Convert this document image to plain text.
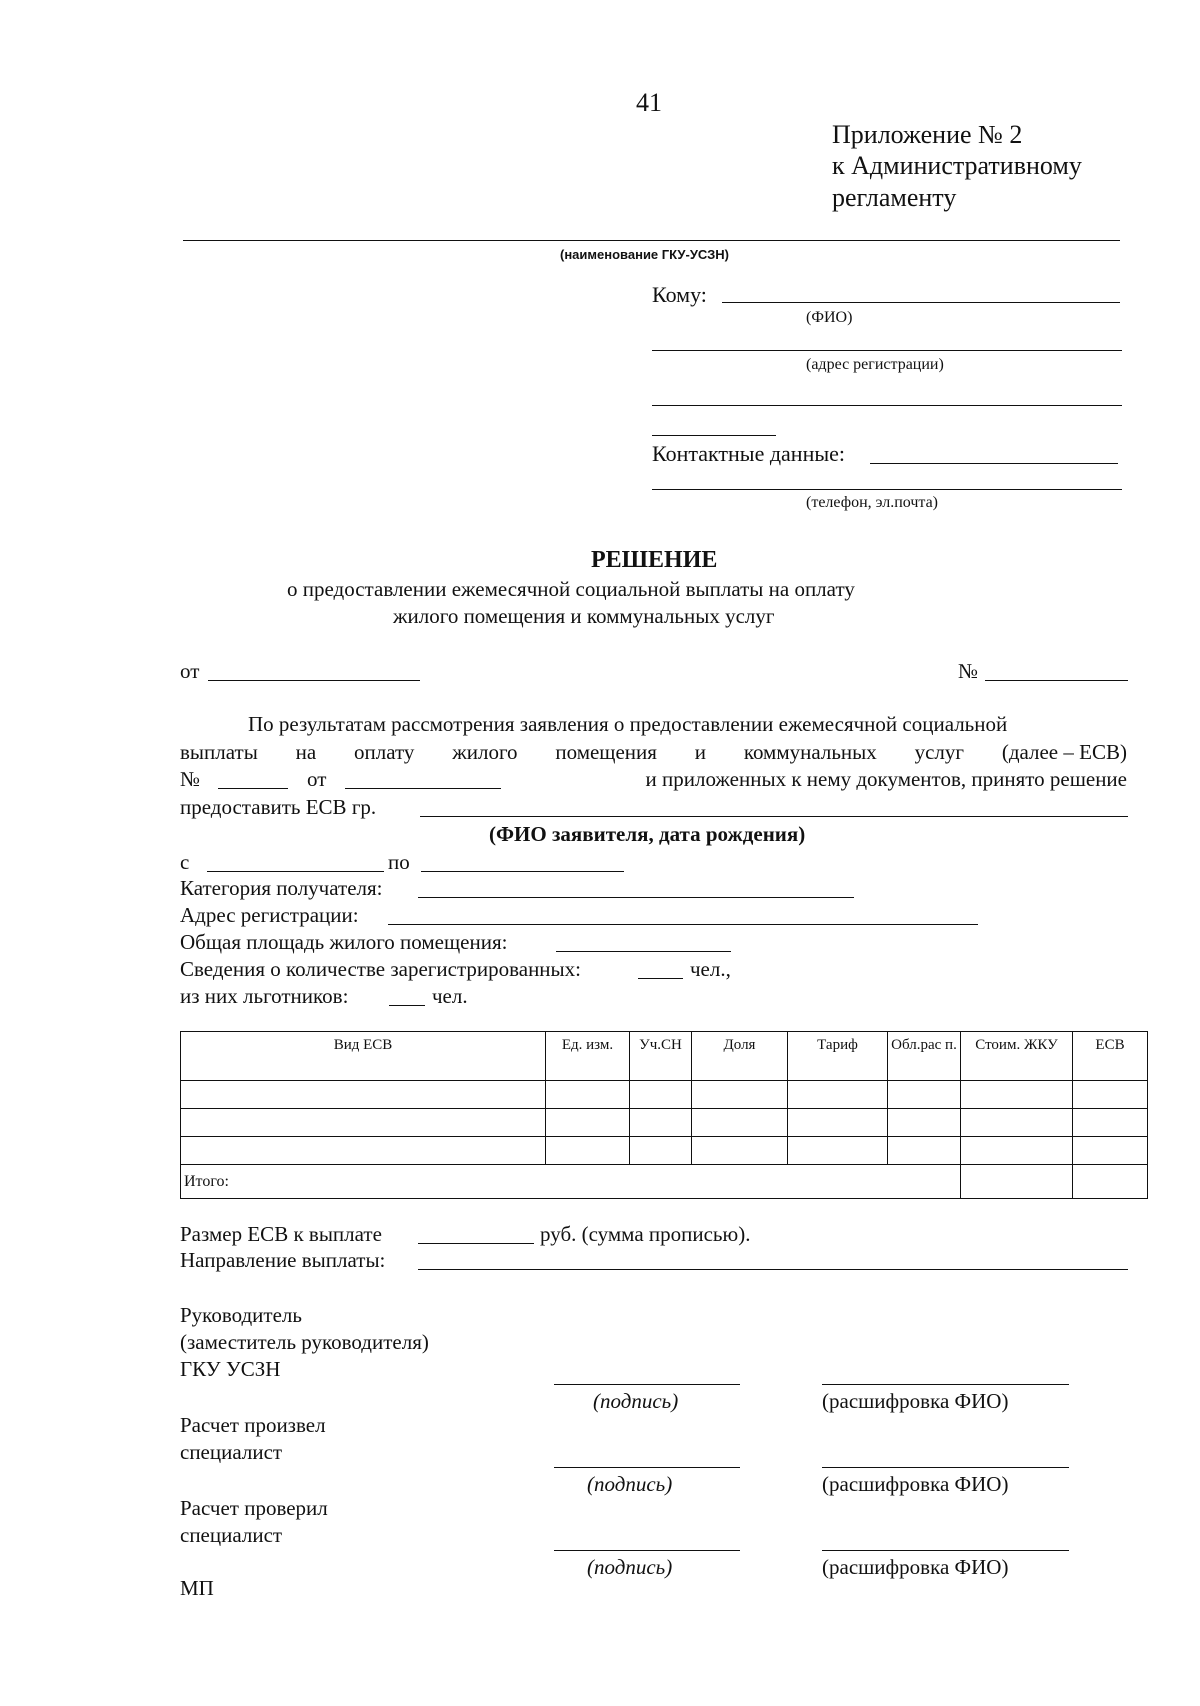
41
Приложение № 2
к Административному
регламенту
(наименование ГКУ-УСЗН)
Кому:
(ФИО)
(адрес регистрации)
Контактные данные:
(телефон, эл.почта)
РЕШЕНИЕ
о предоставлении ежемесячной социальной выплаты на оплату
жилого помещения и коммунальных услуг
от	№
По результатам рассмотрения заявления о предоставлении ежемесячной социальной
выплаты на оплату жилого помещения и коммунальных услуг (далее – ЕСВ)
№	от	и приложенных к нему документов, принято решение
предоставить ЕСВ гр.
(ФИО заявителя, дата рождения)
с	по
Категория получателя:
Адрес регистрации:
Общая площадь жилого помещения:
Сведения о количестве зарегистрированных:	чел.,
из них льготников:	чел.
Вид ЕСВ	Ед. изм.	Уч.СН	Доля	Тариф	Обл.рас п.	Стоим. ЖКУ	ЕСВ

Итого:							
Размер ЕСВ к выплате	руб. (сумма прописью).
Направление выплаты:
Руководитель
(заместитель руководителя)
ГКУ УСЗН
(подпись)	(расшифровка ФИО)
Расчет произвел
специалист
(подпись)	(расшифровка ФИО)
Расчет проверил
специалист
(подпись)	(расшифровка ФИО)
МП
